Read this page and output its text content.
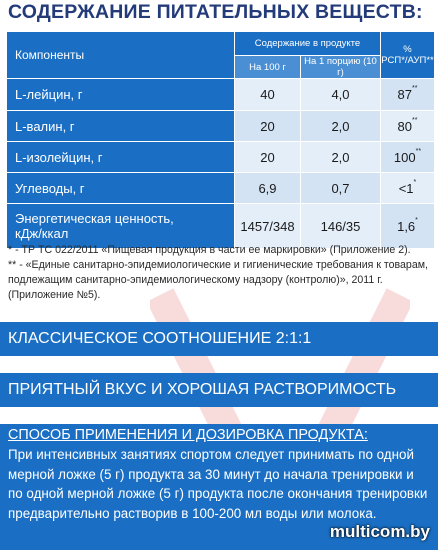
СОДЕРЖАНИЕ ПИТАТЕЛЬНЫХ ВЕЩЕСТВ:
Компоненты	Содержание в продукте		%
РСП*/АУП**
	На 100 г	На 1 порцию (10 г)	
L-лейцин, г	40	4,0	87**
L-валин, г	20	2,0	80**
L-изолейцин, г	20	2,0	100**
Углеводы, г	6,9	0,7	<1*
Энергетическая ценность,
кДж/ккал	1457/348	146/35	1,6*

* - ТР ТС 022/2011 «Пищевая продукция в части ее маркировки» (Приложение 2).

** - «Единые санитарно-эпидемиологические и гигиенические требования к товарам, подлежащим санитарно-эпидемиологическому надзору (контролю)», 2011 г. (Приложение №5).

КЛАССИЧЕСКОЕ СООТНОШЕНИЕ 2:1:1
ПРИЯТНЫЙ ВКУС И ХОРОШАЯ РАСТВОРИМОСТЬ
СПОСОБ ПРИМЕНЕНИЯ И ДОЗИРОВКА ПРОДУКТА:
При интенсивных занятиях спортом следует принимать по одной мерной ложке (5 г) продукта за 30 минут до начала тренировки и по одной мерной ложке (5 г) продукта после окончания тренировки предварительно растворив в 100-200 мл воды или молока.
multicom.by
